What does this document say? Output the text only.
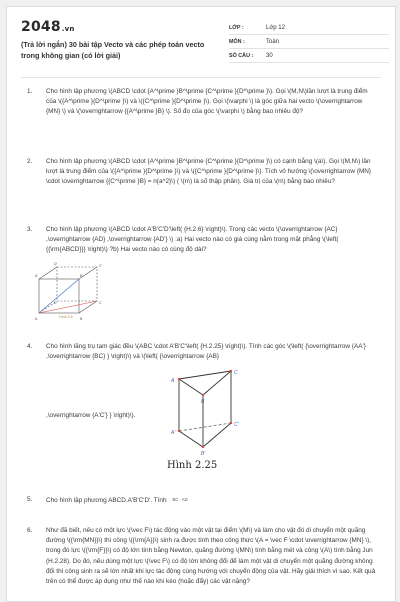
2048.vn
(Trả lời ngắn) 30 bài tập Vecto và các phép toán vecto trong không gian (có lời giải)
LỚP :	Lớp 12
MÔN :	Toán
SỐ CÂU :	30
1. Cho hình lập phương \(ABCD \cdot {A^\prime }B^\prime {C^\prime }{D^\prime }\). Gọi \(M,N\)lần lượt là trung điểm của \({A^\prime }{D^\prime }\) và \({C^\prime }{D^\prime }\). Gọi \(\varphi \) là góc giữa hai vecto \(\overrightarrow {MN} \) và \(\overrightarrow {{A^\prime }B} \). Số đo của góc \(\varphi \) bằng bao nhiêu độ?
2. Cho hình lập phương \(ABCD \cdot {A^\prime }B^\prime {C^\prime }{D^\prime }\) có cạnh bằng \(a\). Gọi \(M,N\) lần lượt là trung điểm của \({A^\prime }{D^\prime }\) và \({C^\prime }{D^\prime }\). Tích vô hướng \(\overrightarrow {MN} \cdot \overrightarrow {{C^\prime }B} = n{a^2}\) ( \(n\) là số thập phân). Giá trị của \(n\) bằng bao nhiêu?
3. Cho hình lập phương \(ABCD \cdot A'B'C'D'\left( {H.2.6} \right)\). Trong các vecto \(\overrightarrow {AC} ,\overrightarrow {AD} ,\overrightarrow {AD'} \) :a) Hai vecto nào có giá cùng nằm trong mặt phẳng \(\left( {{\rm{ABCD}}} \right)\) ?b) Hai vecto nào có cùng độ dài?
A	B
C
D
A'	B'
C'
D'
Hình 2.6
4. Cho hình lăng trụ tam giác đều \(ABC \cdot A'B'C'\left( {H.2.25} \right)\). Tính các góc \(\left( {\overrightarrow {AA'} ,\overrightarrow {BC} } \right)\) và \(\left( {\overrightarrow {AB}
,\overrightarrow {A'C'} } \right)\).
A
B
C
A'
B'
C'
Hình 2.25
5. Cho hình lập phương ABCD.A'B'C'D'. Tính BC · AD
6. Như đã biết, nếu có một lực \(\vec F\) tác động vào một vật tại điểm \(M\) và làm cho vật đó di chuyển một quãng đường \({\rm{MN}}\) thì công \({\rm{A}}\) sinh ra được tính theo công thức \(A = \vec F \cdot \overrightarrow {MN} \), trong đó lực \({\rm{F}}\) có độ lớn tính bằng Newton, quãng đường \(MN\) tính bằng mét và công \(A\) tính bằng Jun (H.2.28). Do đó, nếu dùng một lực \(\vec F\) có độ lớn không đổi để làm một vật di chuyển một quãng đường không đổi thì công sinh ra sẽ lớn nhất khi lực tác động cùng hướng với chuyển động của vật. Hãy giải thích vì sao. Kết quả trên có thể được áp dụng như thế nào khi kéo (hoặc đẩy) các vật nặng?
